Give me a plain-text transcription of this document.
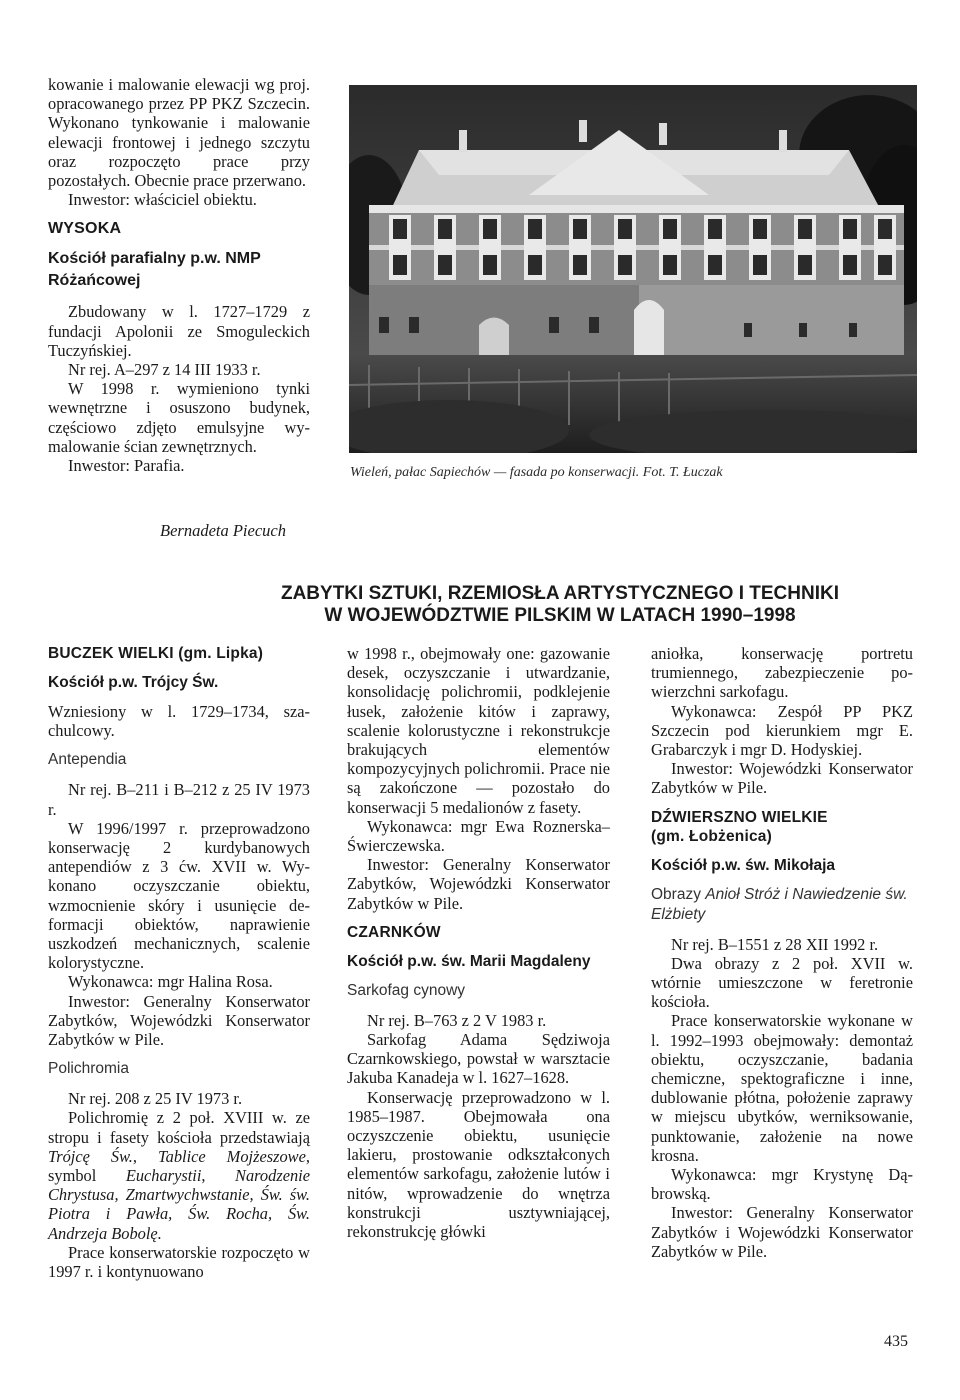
kowanie i malowanie elewacji wg proj. opracowanego przez PP PKZ Szczecin. Wykonano tynkowanie i malowanie elewacji frontowej i jednego szczytu oraz rozpoczęto prace przy pozostałych. Obecnie prace przerwano.

Inwestor: właściciel obiektu.

WYSOKA
Kościół parafialny p.w. NMP Różańcowej

Zbudowany w l. 1727–1729 z fundacji Apolonii ze Smoguleckich Tuczyńskiej.

Nr rej. A–297 z 14 III 1933 r.

W 1998 r. wymieniono tynki wewnętrzne i osuszono budynek, częściowo zdjęto emulsyjne wymalowanie ścian zewnętrznych.

Inwestor: Parafia.

Bernadeta Piecuch
Wieleń, pałac Sapiechów — fasada po konserwacji. Fot. T. Łuczak
ZABYTKI SZTUKI, RZEMIOSŁA ARTYSTYCZNEGO I TECHNIKI
W WOJEWÓDZTWIE PILSKIM W LATACH 1990–1998
BUCZEK WIELKI (gm. Lipka)
Kościół p.w. Trójcy Św.

Wzniesiony w l. 1729–1734, szachulcowy.

Antependia

Nr rej. B–211 i B–212 z 25 IV 1973 r.

W 1996/1997 r. przeprowadzono konserwację 2 kurdybanowych antependiów z 3 ćw. XVII w. Wykonano oczyszczanie obiektu, wzmocnienie skóry i usunięcie deformacji obiektów, naprawienie uszkodzeń mechanicznych, scalenie kolorystyczne.

Wykonawca: mgr Halina Rosa.

Inwestor: Generalny Konserwator Zabytków, Wojewódzki Konserwator Zabytków w Pile.

Polichromia

Nr rej. 208 z 25 IV 1973 r.

Polichromię z 2 poł. XVIII w. ze stropu i fasety kościoła przedstawiają Trójcę Św., Tablice Mojżeszowe, symbol Eucharystii, Narodzenie Chrystusa, Zmartwychwstanie, Św. św. Piotra i Pawła, Św. Rocha, Św. Andrzeja Bobolę.

Prace konserwatorskie rozpoczęto w 1997 r. i kontynuowano

w 1998 r., obejmowały one: gazowanie desek, oczyszczanie i utwardzanie, konsolidację polichromii, podklejenie łusek, założenie kitów i zaprawy, scalenie kolorustyczne i rekonstrukcje brakujących elementów kompozycyjnych polichromii. Prace nie są zakończone — pozostało do konserwacji 5 medalionów z fasety.

Wykonawca: mgr Ewa Roznerska–Świerczewska.

Inwestor: Generalny Konserwator Zabytków, Wojewódzki Konserwator Zabytków w Pile.

CZARNKÓW
Kościół p.w. św. Marii Magdaleny
Sarkofag cynowy

Nr rej. B–763 z 2 V 1983 r.

Sarkofag Adama Sędziwoja Czarnkowskiego, powstał w warsztacie Jakuba Kanadeja w l. 1627–1628.

Konserwację przeprowadzono w l. 1985–1987. Obejmowała ona oczyszczenie obiektu, usunięcie lakieru, prostowanie odkształconych elementów sarkofagu, założenie lutów i nitów, wprowadzenie do wnętrza konstrukcji usztywniającej, rekonstrukcję główki

aniołka, konserwację portretu trumiennego, zabezpieczenie powierzchni sarkofagu.

Wykonawca: Zespół PP PKZ Szczecin pod kierunkiem mgr E. Grabarczyk i mgr D. Hodyskiej.

Inwestor: Wojewódzki Konserwator Zabytków w Pile.

DŹWIERSZNO WIELKIE
(gm. Łobżenica)
Kościół p.w. św. Mikołaja
Obrazy Anioł Stróż i Nawiedzenie św. Elżbiety

Nr rej. B–1551 z 28 XII 1992 r.

Dwa obrazy z 2 poł. XVII w. wtórnie umieszczone w feretronie kościoła.

Prace konserwatorskie wykonane w l. 1992–1993 obejmowały: demontaż obiektu, oczyszczanie, badania chemiczne, spektograficzne i inne, dublowanie płótna, położenie zaprawy w miejscu ubytków, werniksowanie, punktowanie, założenie na nowe krosna.

Wykonawca: mgr Krystynę Dąbrowską.

Inwestor: Generalny Konserwator Zabytków i Wojewódzki Konserwator Zabytków w Pile.

435
